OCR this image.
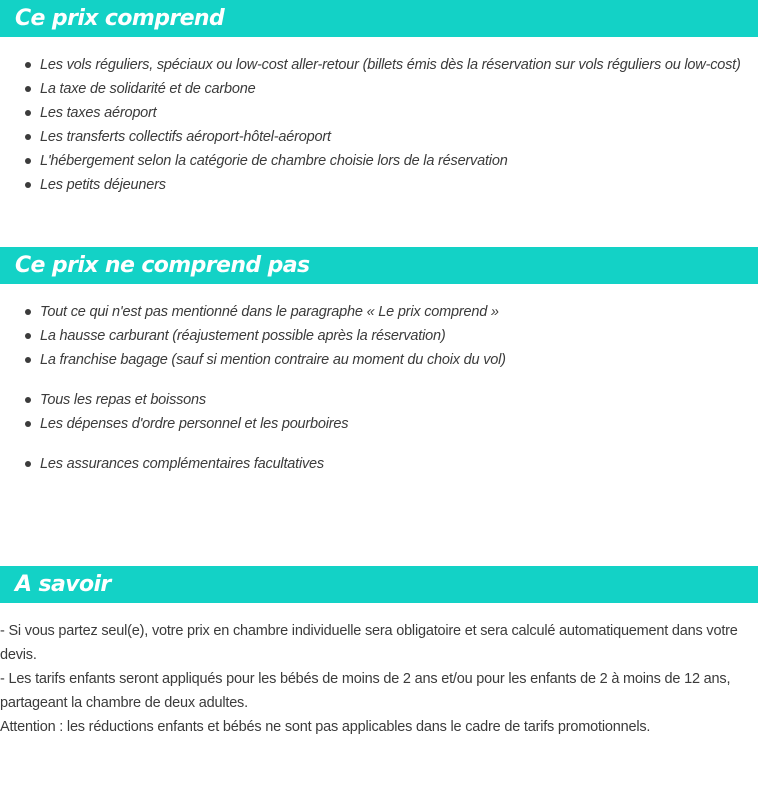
Ce prix comprend
Les vols réguliers, spéciaux ou low-cost aller-retour (billets émis dès la réservation sur vols réguliers ou low-cost)
La taxe de solidarité et de carbone
Les taxes aéroport
Les transferts collectifs aéroport-hôtel-aéroport
L'hébergement selon la catégorie de chambre choisie lors de la réservation
Les petits déjeuners
Ce prix ne comprend pas
Tout ce qui n'est pas mentionné dans le paragraphe « Le prix comprend »
La hausse carburant (réajustement possible après la réservation)
La franchise bagage (sauf si mention contraire au moment du choix du vol)
Tous les repas et boissons
Les dépenses d'ordre personnel et les pourboires
Les assurances complémentaires facultatives
A savoir

- Si vous partez seul(e), votre prix en chambre individuelle sera obligatoire et sera calculé automatiquement dans votre devis.

- Les tarifs enfants seront appliqués pour les bébés de moins de 2 ans et/ou pour les enfants de 2 à moins de 12 ans, partageant la chambre de deux adultes.

Attention : les réductions enfants et bébés ne sont pas applicables dans le cadre de tarifs promotionnels.
